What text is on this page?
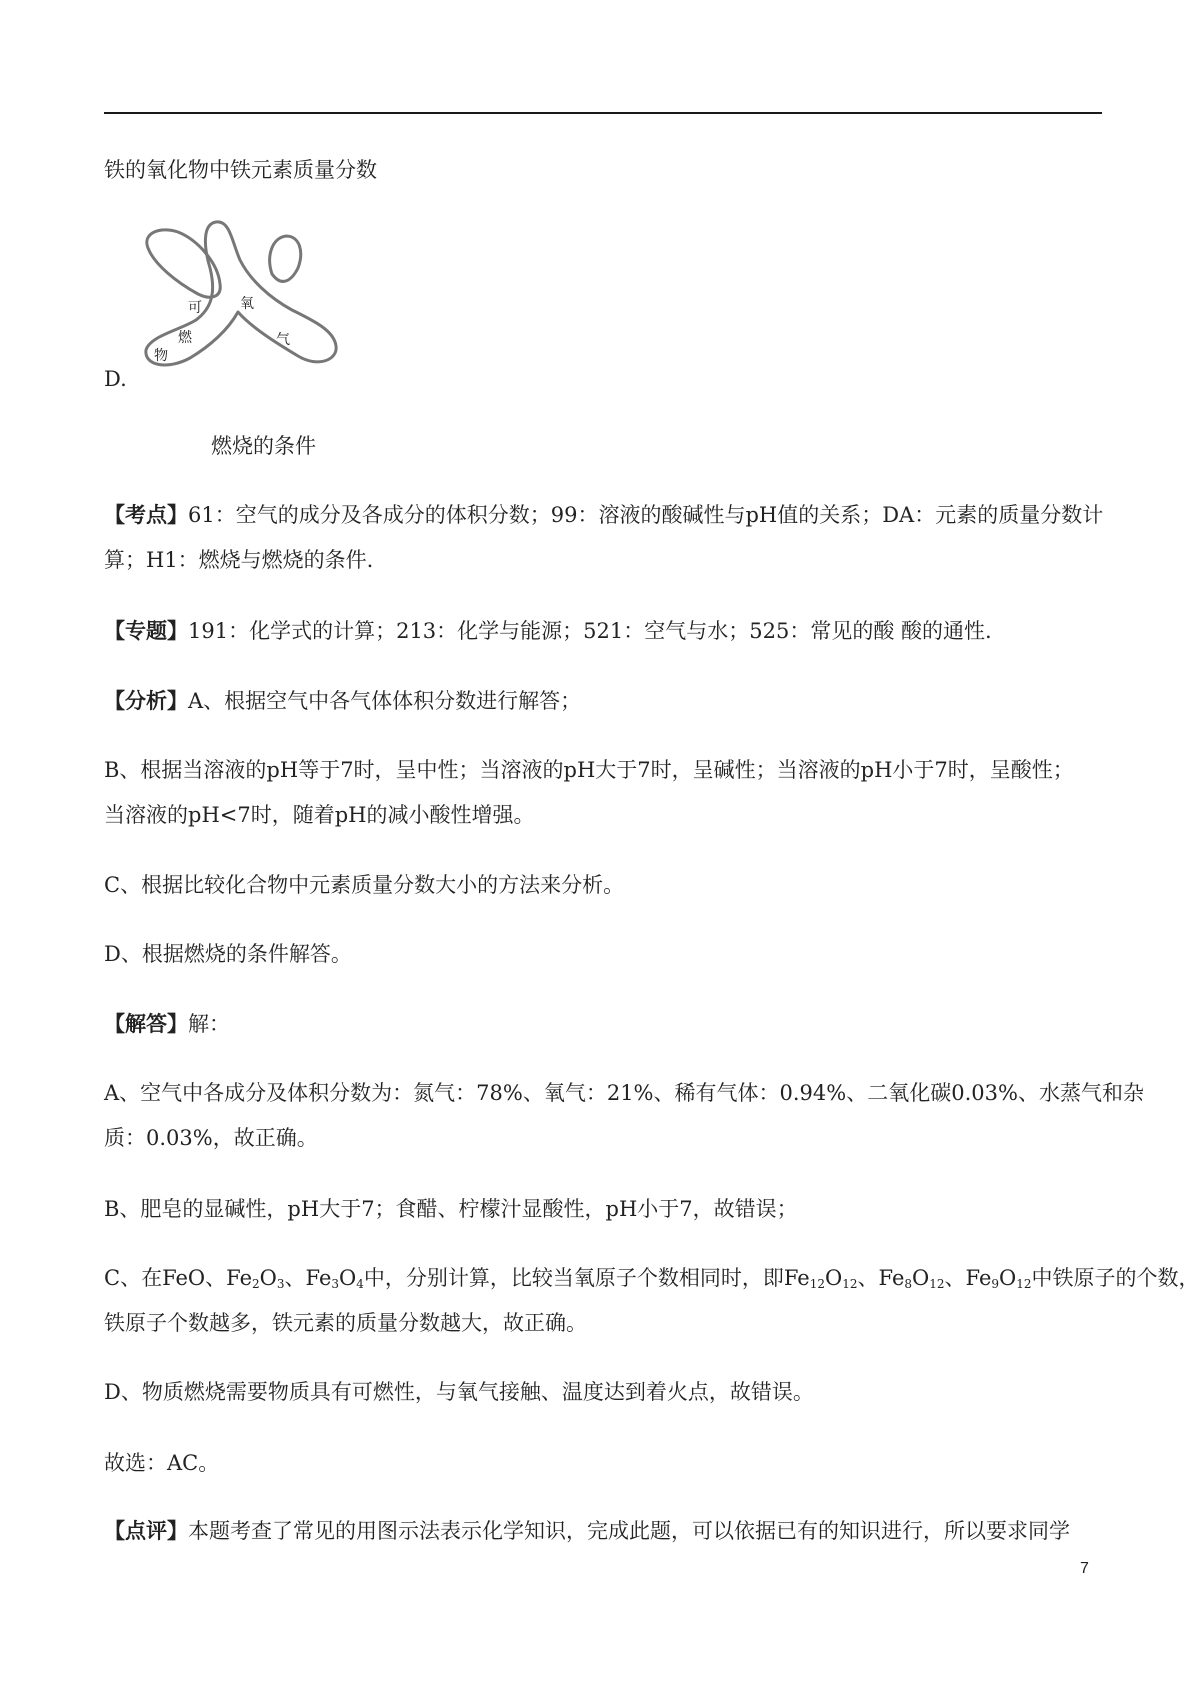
铁的氧化物中铁元素质量分数
可	氧
物
燃	气
D.
燃烧的条件
【考点】61：空气的成分及各成分的体积分数；99：溶液的酸碱性与pH值的关系；DA：元素的质量分数计
算；H1：燃烧与燃烧的条件.
【专题】191：化学式的计算；213：化学与能源；521：空气与水；525：常见的酸 酸的通性.
【分析】A、根据空气中各气体体积分数进行解答；
B、根据当溶液的pH等于7时，呈中性；当溶液的pH大于7时，呈碱性；当溶液的pH小于7时，呈酸性；
当溶液的pH<7时，随着pH的减小酸性增强。
C、根据比较化合物中元素质量分数大小的方法来分析。
D、根据燃烧的条件解答。
【解答】解：
A、空气中各成分及体积分数为：氮气：78%、氧气：21%、稀有气体：0.94%、二氧化碳0.03%、水蒸气和杂
质：0.03%，故正确。
B、肥皂的显碱性，pH大于7；食醋、柠檬汁显酸性，pH小于7，故错误；
C、在FeO、$Fe_2O_3$、$Fe_3O_4$中，分别计算，比较当氧原子个数相同时，即$Fe_{12}O_{12}$、$Fe_8O_{12}$、$Fe_9O_{12}$中铁原子的个数，
铁原子个数越多，铁元素的质量分数越大，故正确。
D、物质燃烧需要物质具有可燃性，与氧气接触、温度达到着火点，故错误。
故选：AC。
【点评】本题考查了常见的用图示法表示化学知识，完成此题，可以依据已有的知识进行，所以要求同学
7
